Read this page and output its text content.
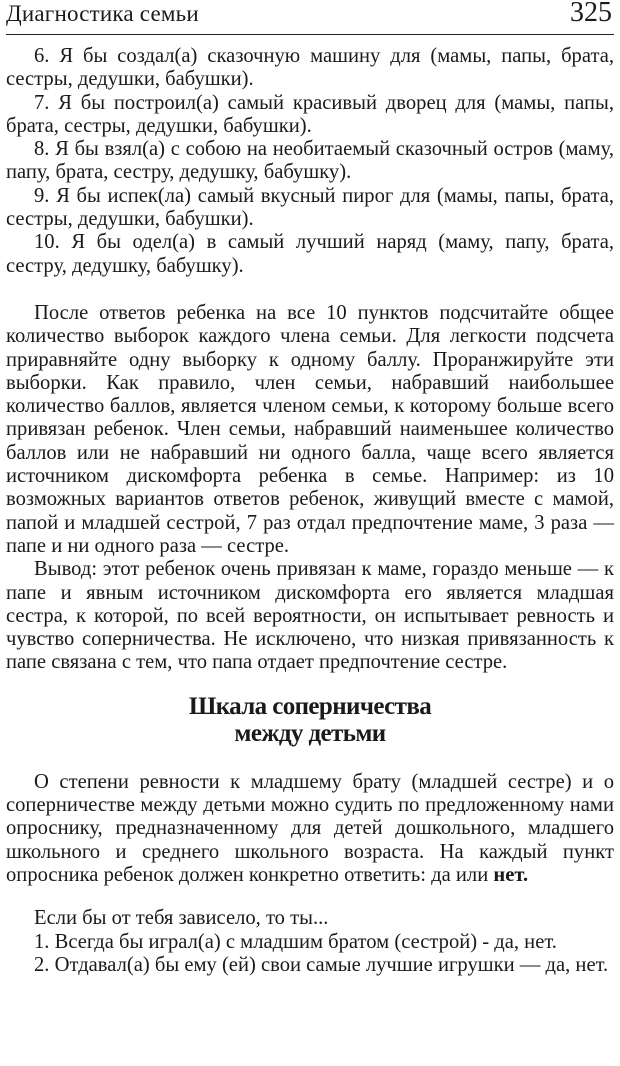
Диагностика семьи	325

6. Я бы создал(а) сказочную машину для (мамы, папы, брата, сестры, дедушки, бабушки).

7. Я бы построил(а) самый красивый дворец для (мамы, папы, брата, сестры, дедушки, бабушки).

8. Я бы взял(а) с собою на необитаемый сказочный остров (маму, папу, брата, сестру, дедушку, бабушку).

9. Я бы испек(ла) самый вкусный пирог для (мамы, папы, брата, сестры, дедушки, бабушки).

10. Я бы одел(а) в самый лучший наряд (маму, папу, брата, сестру, дедушку, бабушку).

После ответов ребенка на все 10 пунктов подсчитайте общее количество выборок каждого члена семьи. Для легкости подсчета приравняйте одну выборку к одному баллу. Проранжируйте эти выборки. Как правило, член семьи, набравший наибольшее количество баллов, является членом семьи, к которому больше всего привязан ребенок. Член семьи, набравший наименьшее количество баллов или не набравший ни одного балла, чаще всего является источником дискомфорта ребенка в семье. Например: из 10 возможных вариантов ответов ребенок, живущий вместе с мамой, папой и младшей сестрой, 7 раз отдал предпочтение маме, 3 раза — папе и ни одного раза — сестре.

Вывод: этот ребенок очень привязан к маме, гораздо меньше — к папе и явным источником дискомфорта его является младшая сестра, к которой, по всей вероятности, он испытывает ревность и чувство соперничества. Не исключено, что низкая привязанность к папе связана с тем, что папа отдает предпочтение сестре.

Шкала соперничества
между детьми

О степени ревности к младшему брату (младшей сестре) и о соперничестве между детьми можно судить по предложенному нами опроснику, предназначенному для детей дошкольного, младшего школьного и среднего школьного возраста. На каждый пункт опросника ребенок должен конкретно ответить: да или нет.

Если бы от тебя зависело, то ты...

1. Всегда бы играл(а) с младшим братом (сестрой) - да, нет.

2. Отдавал(а) бы ему (ей) свои самые лучшие игрушки — да, нет.
